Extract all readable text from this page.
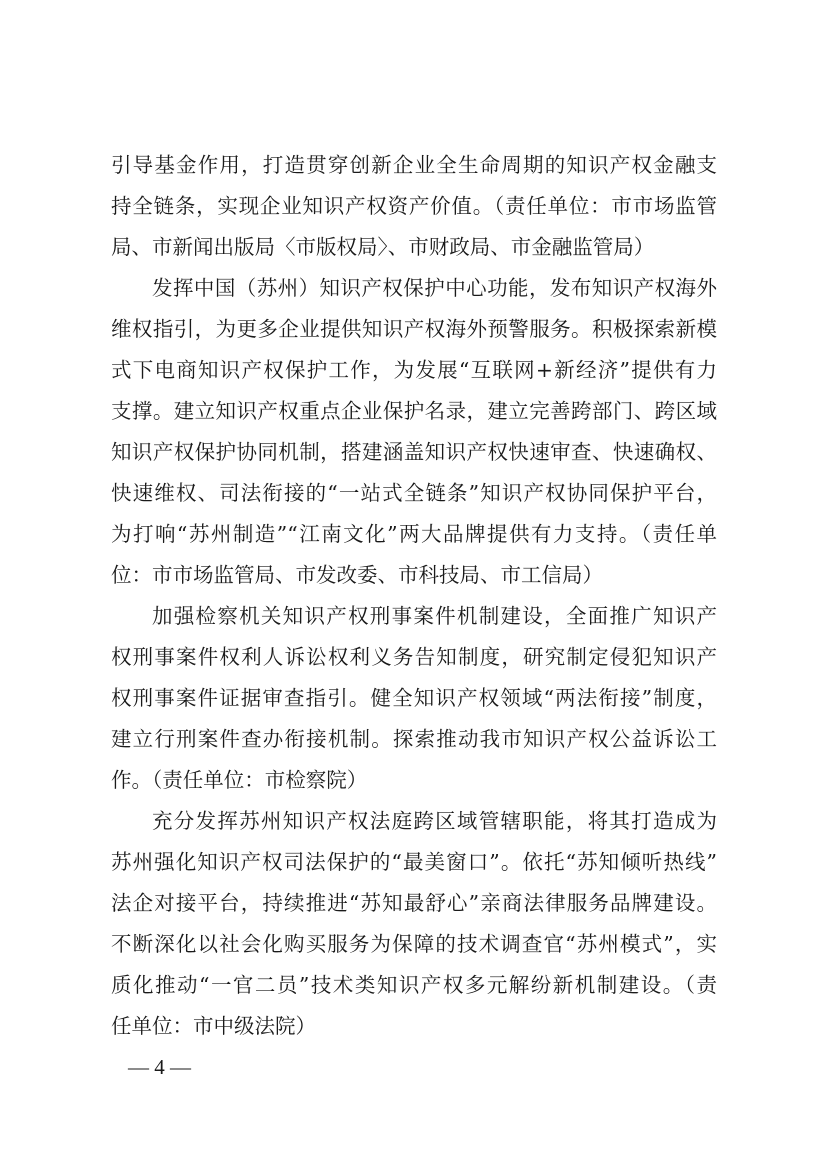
引导基金作用，打造贯穿创新企业全生命周期的知识产权金融支
持全链条，实现企业知识产权资产价值。（责任单位：市市场监管
局、市新闻出版局〈市版权局〉、市财政局、市金融监管局）
发挥中国（苏州）知识产权保护中心功能，发布知识产权海外
维权指引，为更多企业提供知识产权海外预警服务。积极探索新模
式下电商知识产权保护工作，为发展“互联网+新经济”提供有力
支撑。建立知识产权重点企业保护名录，建立完善跨部门、跨区域
知识产权保护协同机制，搭建涵盖知识产权快速审查、快速确权、
快速维权、司法衔接的“一站式全链条”知识产权协同保护平台，
为打响“苏州制造”“江南文化”两大品牌提供有力支持。（责任单
位：市市场监管局、市发改委、市科技局、市工信局）
加强检察机关知识产权刑事案件机制建设，全面推广知识产
权刑事案件权利人诉讼权利义务告知制度，研究制定侵犯知识产
权刑事案件证据审查指引。健全知识产权领域“两法衔接”制度，
建立行刑案件查办衔接机制。探索推动我市知识产权公益诉讼工
作。（责任单位：市检察院）
充分发挥苏州知识产权法庭跨区域管辖职能，将其打造成为
苏州强化知识产权司法保护的“最美窗口”。依托“苏知倾听热线”
法企对接平台，持续推进“苏知最舒心”亲商法律服务品牌建设。
不断深化以社会化购买服务为保障的技术调查官“苏州模式”，实
质化推动“一官二员”技术类知识产权多元解纷新机制建设。（责
任单位：市中级法院）
— 4 —
